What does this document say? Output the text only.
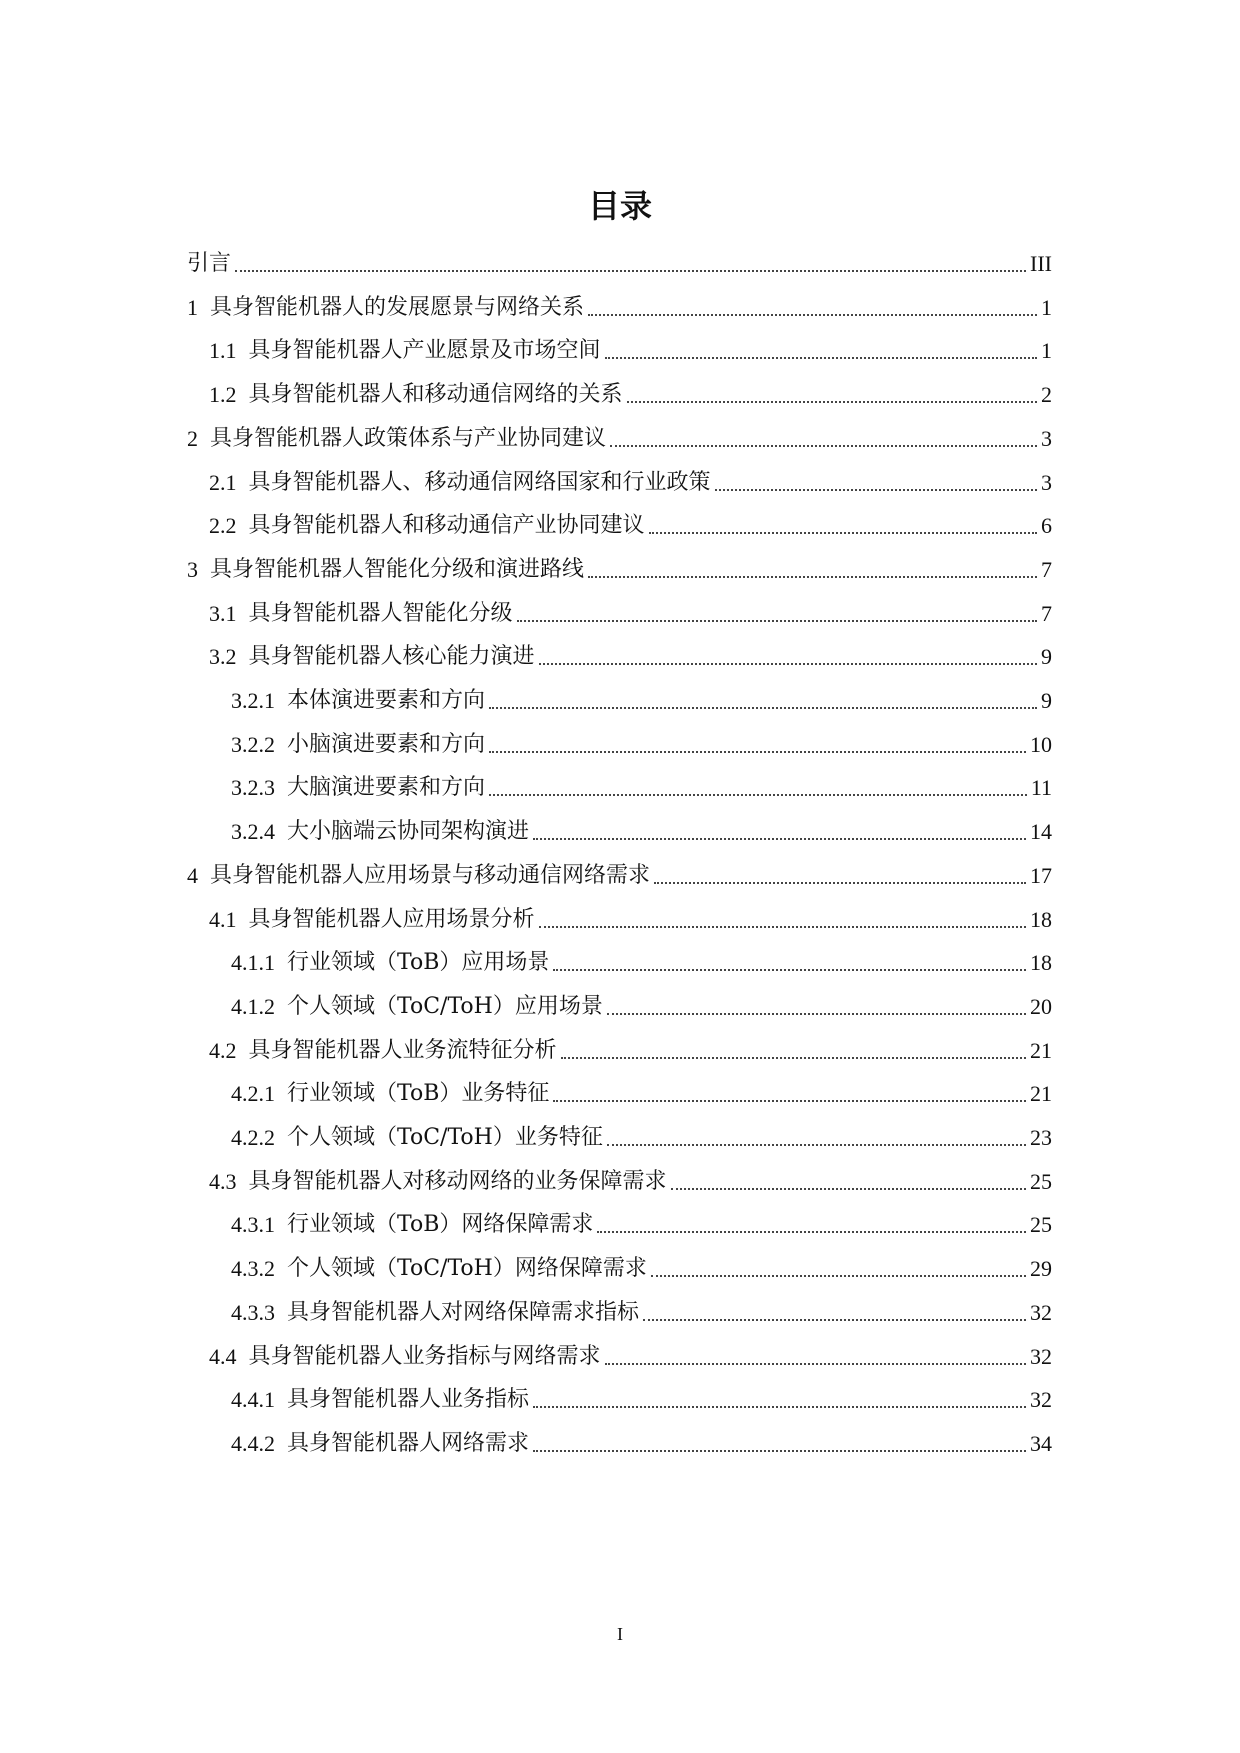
目录
引言	III
1 具身智能机器人的发展愿景与网络关系	1
1.1 具身智能机器人产业愿景及市场空间	1
1.2 具身智能机器人和移动通信网络的关系	2
2 具身智能机器人政策体系与产业协同建议	3
2.1 具身智能机器人、移动通信网络国家和行业政策	3
2.2 具身智能机器人和移动通信产业协同建议	6
3 具身智能机器人智能化分级和演进路线	7
3.1 具身智能机器人智能化分级	7
3.2 具身智能机器人核心能力演进	9
3.2.1 本体演进要素和方向	9
3.2.2 小脑演进要素和方向	10
3.2.3 大脑演进要素和方向	11
3.2.4 大小脑端云协同架构演进	14
4 具身智能机器人应用场景与移动通信网络需求	17
4.1 具身智能机器人应用场景分析	18
4.1.1 行业领域（ToB）应用场景	18
4.1.2 个人领域（ToC/ToH）应用场景	20
4.2 具身智能机器人业务流特征分析	21
4.2.1 行业领域（ToB）业务特征	21
4.2.2 个人领域（ToC/ToH）业务特征	23
4.3 具身智能机器人对移动网络的业务保障需求	25
4.3.1 行业领域（ToB）网络保障需求	25
4.3.2 个人领域（ToC/ToH）网络保障需求	29
4.3.3 具身智能机器人对网络保障需求指标	32
4.4 具身智能机器人业务指标与网络需求	32
4.4.1 具身智能机器人业务指标	32
4.4.2 具身智能机器人网络需求	34
I
